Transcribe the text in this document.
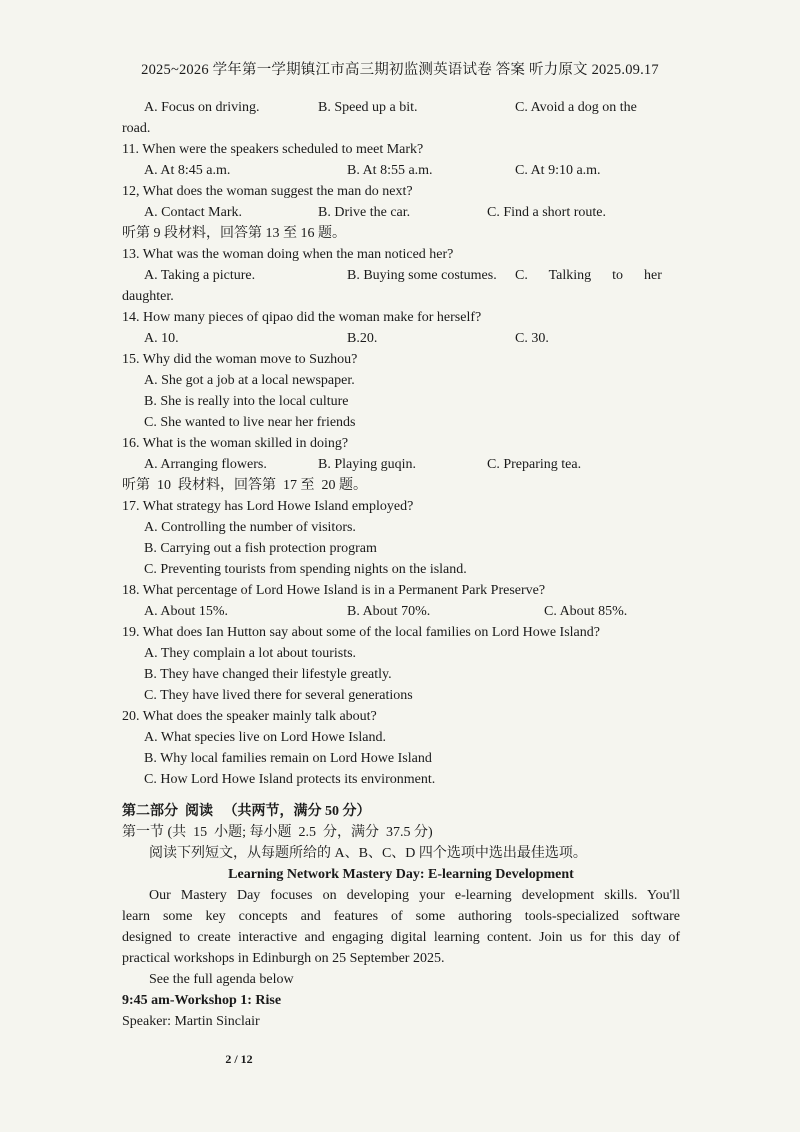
2025~2026 学年第一学期镇江市高三期初监测英语试卷 答案 听力原文 2025.09.17
A. Focus on driving.	B. Speed up a bit.	C. Avoid a dog on the
road.
11. When were the speakers scheduled to meet Mark?
A. At 8:45 a.m.	B. At 8:55 a.m.	C. At 9:10 a.m.
12, What does the woman suggest the man do next?
A. Contact Mark.	B. Drive the car.	C. Find a short route.
听第 9 段材料，回答第 13 至 16 题。
13. What was the woman doing when the man noticed her?
A. Taking a picture.	B. Buying some costumes. C.      Talking      to      her
daughter.
14. How many pieces of qipao did the woman make for herself?
A. 10.	B.20.	C. 30.
15. Why did the woman move to Suzhou?
A. She got a job at a local newspaper.
B. She is really into the local culture
C. She wanted to live near her friends
16. What is the woman skilled in doing?
A. Arranging flowers.	B. Playing guqin.	C. Preparing tea.
听第  10  段材料，回答第  17 至  20 题。
17. What strategy has Lord Howe Island employed?
A. Controlling the number of visitors.
B. Carrying out a fish protection program
C. Preventing tourists from spending nights on the island.
18. What percentage of Lord Howe Island is in a Permanent Park Preserve?
A. About 15%.	B. About 70%.	C. About 85%.
19. What does Ian Hutton say about some of the local families on Lord Howe Island?
A. They complain a lot about tourists.
B. They have changed their lifestyle greatly.
C. They have lived there for several generations
20. What does the speaker mainly talk about?
A. What species live on Lord Howe Island.
B. Why local families remain on Lord Howe Island
C. How Lord Howe Island protects its environment.
第二部分  阅读   （共两节，满分 50 分）
第一节 (共  15  小题; 每小题  2.5  分，满分  37.5 分)
阅读下列短文，从每题所给的 A、B、C、D 四个选项中选出最佳选项。
Learning Network Mastery Day: E-learning Development
Our Mastery Day focuses on developing your e-learning development skills. You'll
learn some key concepts and features of some authoring tools-specialized software
designed to create interactive and engaging digital learning content. Join us for this day of
practical workshops in Edinburgh on 25 September 2025.
See the full agenda below
9:45 am-Workshop 1: Rise
Speaker: Martin Sinclair
2 / 12
